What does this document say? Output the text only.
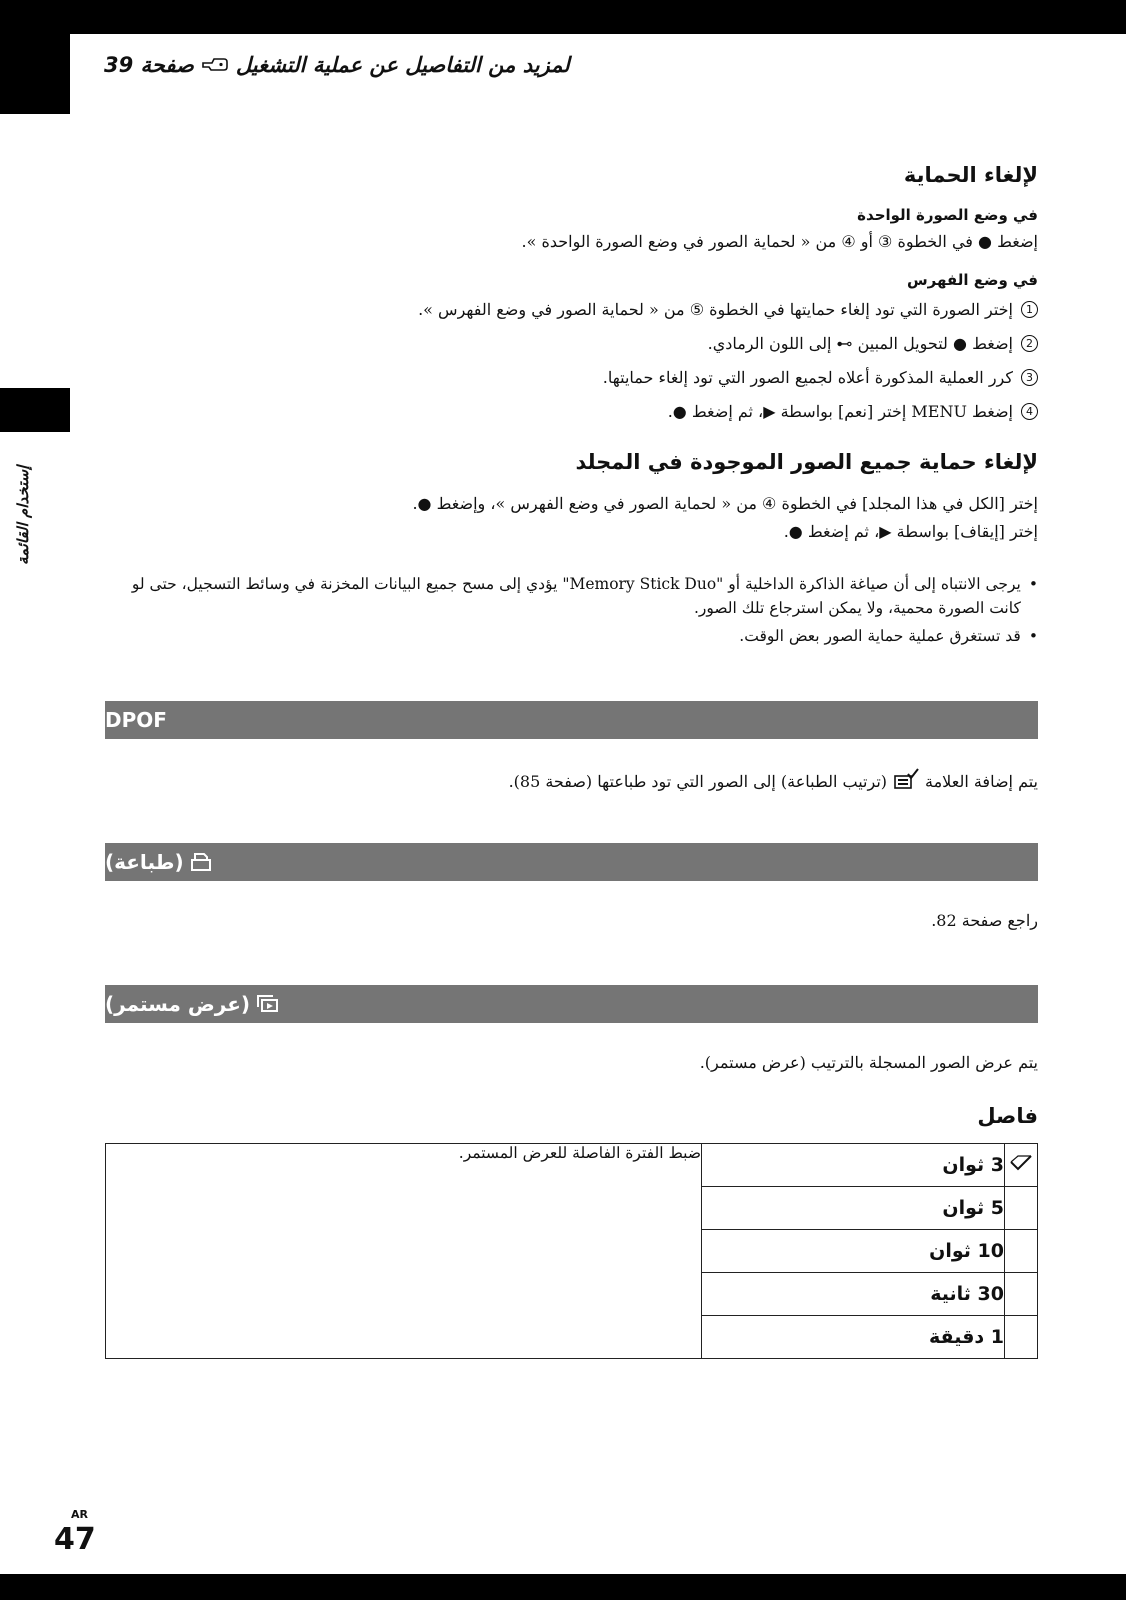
إستخدام القائمة
لمزيد من التفاصيل عن عملية التشغيل
صفحة 39
لإلغاء الحماية
في وضع الصورة الواحدة
إضغط ● في الخطوة ③ أو ④ من « لحماية الصور في وضع الصورة الواحدة ».
في وضع الفهرس
1
إختر الصورة التي تود إلغاء حمايتها في الخطوة ⑤ من « لحماية الصور في وضع الفهرس ».
2
إضغط ● لتحويل المبين ⊶ إلى اللون الرمادي.
3
كرر العملية المذكورة أعلاه لجميع الصور التي تود إلغاء حمايتها.
4
إضغط MENU إختر [نعم] بواسطة ▶، ثم إضغط ●.
لإلغاء حماية جميع الصور الموجودة في المجلد
إختر [الكل في هذا المجلد] في الخطوة ④ من « لحماية الصور في وضع الفهرس »، وإضغط ●.
إختر [إيقاف] بواسطة ▶، ثم إضغط ●.
•
يرجى الانتباه إلى أن صياغة الذاكرة الداخلية أو "Memory Stick Duo" يؤدي إلى مسح جميع البيانات المخزنة في وسائط التسجيل، حتى لو كانت الصورة محمية، ولا يمكن استرجاع تلك الصور.
•
قد تستغرق عملية حماية الصور بعض الوقت.
DPOF
يتم إضافة العلامة
(ترتيب الطباعة) إلى الصور التي تود طباعتها (صفحة 85).
(طباعة)
راجع صفحة 82.
(عرض مستمر)
يتم عرض الصور المسجلة بالترتيب (عرض مستمر).
فاصل
ضبط الفترة الفاصلة للعرض المستمر.	3 ثوان	
	5 ثوان	
	10 ثوان	
	30 ثانية	
	1 دقيقة	
AR
47
